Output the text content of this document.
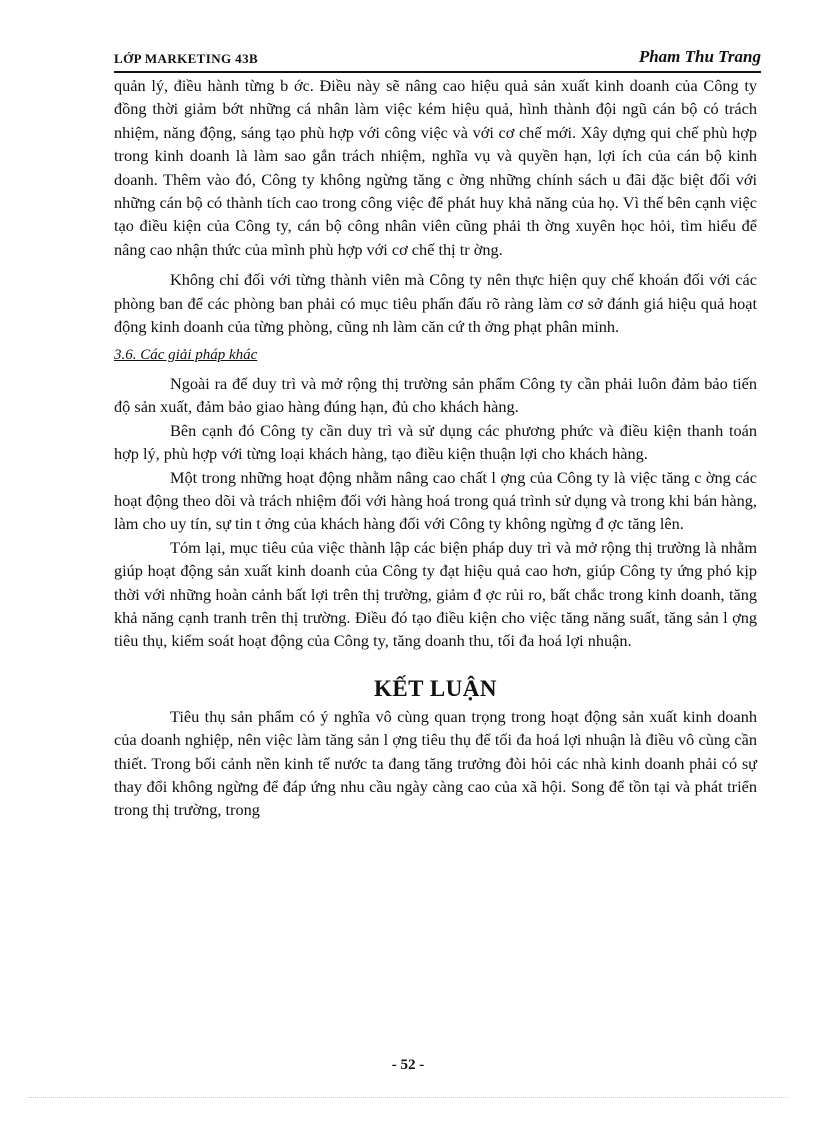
LỚP MARKETING 43B	Pham Thu Trang

quản lý, điều hành từng b ớc. Điều này sẽ nâng cao hiệu quả sản xuất kinh doanh của Công ty đồng thời giảm bớt những cá nhân làm việc kém hiệu quả, hình thành đội ngũ cán bộ có trách nhiệm, năng động, sáng tạo phù hợp với công việc và với cơ chế mới. Xây dựng qui chế phù hợp trong kinh doanh là làm sao gắn trách nhiệm, nghĩa vụ và quyền hạn, lợi ích của cán bộ kinh doanh. Thêm vào đó, Công ty không ngừng tăng c ờng những chính sách u đãi đặc biệt đối với những cán bộ có thành tích cao trong công việc để phát huy khả năng của họ. Vì thế bên cạnh việc tạo điều kiện của Công ty, cán bộ công nhân viên cũng phải th ờng xuyên học hỏi, tìm hiểu để nâng cao nhận thức của mình phù hợp với cơ chế thị tr ờng.

Không chỉ đối với từng thành viên mà Công ty nên thực hiện quy chế khoán đối với các phòng ban để các phòng ban phải có mục tiêu phấn đấu rõ ràng làm cơ sở đánh giá hiệu quả hoạt động kinh doanh của từng phòng, cũng nh làm căn cứ th ởng phạt phân minh.

3.6. Các giải pháp khác

Ngoài ra để duy trì và mở rộng thị trường sản phẩm Công ty cần phải luôn đảm bảo tiến độ sản xuất, đảm bảo giao hàng đúng hạn, đủ cho khách hàng.

Bên cạnh đó Công ty cần duy trì và sử dụng các phương phức và điều kiện thanh toán hợp lý, phù hợp với từng loại khách hàng, tạo điều kiện thuận lợi cho khách hàng.

Một trong những hoạt động nhằm nâng cao chất l ợng của Công ty là việc tăng c ờng các hoạt động theo dõi và trách nhiệm đối với hàng hoá trong quá trình sử dụng và trong khi bán hàng, làm cho uy tín, sự tin t ởng của khách hàng đối với Công ty không ngừng đ ợc tăng lên.

Tóm lại, mục tiêu của việc thành lập các biện pháp duy trì và mở rộng thị trường là nhằm giúp hoạt động sản xuất kinh doanh của Công ty đạt hiệu quả cao hơn, giúp Công ty ứng phó kịp thời với những hoàn cảnh bất lợi trên thị trường, giảm đ ợc rủi ro, bất chắc trong kinh doanh, tăng khả năng cạnh tranh trên thị trường. Điều đó tạo điều kiện cho việc tăng năng suất, tăng sản l ợng tiêu thụ, kiểm soát hoạt động của Công ty, tăng doanh thu, tối đa hoá lợi nhuận.

KẾT LUẬN

Tiêu thụ sản phẩm có ý nghĩa vô cùng quan trọng trong hoạt động sản xuất kinh doanh của doanh nghiệp, nên việc làm tăng sản l ợng tiêu thụ để tối đa hoá lợi nhuận là điều vô cùng cần thiết. Trong bối cảnh nền kinh tế nước ta đang tăng trưởng đòi hỏi các nhà kinh doanh phải có sự thay đổi không ngừng để đáp ứng nhu cầu ngày càng cao của xã hội. Song để tồn tại và phát triển trong thị trường, trong

- 52 -
